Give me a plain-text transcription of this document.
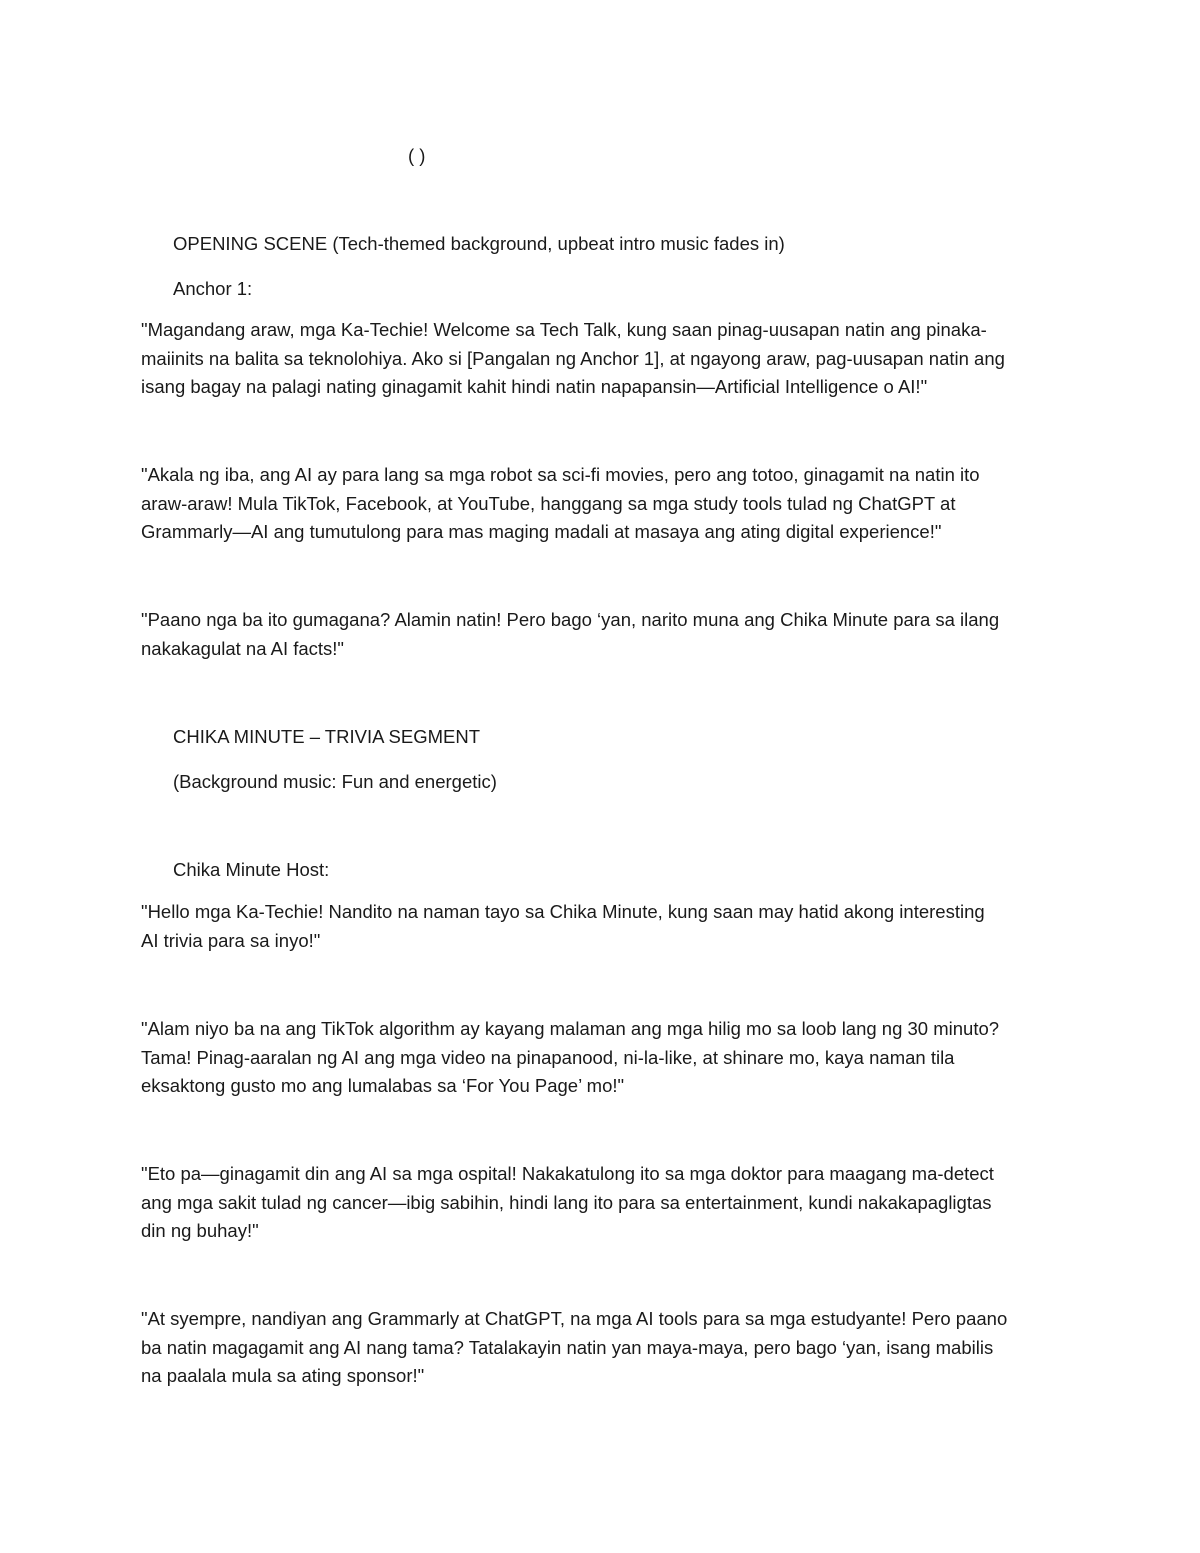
( )
OPENING SCENE (Tech-themed background, upbeat intro music fades in)
Anchor 1:
"Magandang araw, mga Ka-Techie! Welcome sa Tech Talk, kung saan pinag-uusapan natin ang pinaka-
maiinits na balita sa teknolohiya. Ako si [Pangalan ng Anchor 1], at ngayong araw, pag-uusapan natin ang
isang bagay na palagi nating ginagamit kahit hindi natin napapansin—Artificial Intelligence o AI!"
"Akala ng iba, ang AI ay para lang sa mga robot sa sci-fi movies, pero ang totoo, ginagamit na natin ito
araw-araw! Mula TikTok, Facebook, at YouTube, hanggang sa mga study tools tulad ng ChatGPT at
Grammarly—AI ang tumutulong para mas maging madali at masaya ang ating digital experience!"
"Paano nga ba ito gumagana? Alamin natin! Pero bago ‘yan, narito muna ang Chika Minute para sa ilang
nakakagulat na AI facts!"
CHIKA MINUTE – TRIVIA SEGMENT
(Background music: Fun and energetic)
Chika Minute Host:
"Hello mga Ka-Techie! Nandito na naman tayo sa Chika Minute, kung saan may hatid akong interesting
AI trivia para sa inyo!"
"Alam niyo ba na ang TikTok algorithm ay kayang malaman ang mga hilig mo sa loob lang ng 30 minuto?
Tama! Pinag-aaralan ng AI ang mga video na pinapanood, ni-la-like, at shinare mo, kaya naman tila
eksaktong gusto mo ang lumalabas sa ‘For You Page’ mo!"
"Eto pa—ginagamit din ang AI sa mga ospital! Nakakatulong ito sa mga doktor para maagang ma-detect
ang mga sakit tulad ng cancer—ibig sabihin, hindi lang ito para sa entertainment, kundi nakakapagligtas
din ng buhay!"
"At syempre, nandiyan ang Grammarly at ChatGPT, na mga AI tools para sa mga estudyante! Pero paano
ba natin magagamit ang AI nang tama? Tatalakayin natin yan maya-maya, pero bago ‘yan, isang mabilis
na paalala mula sa ating sponsor!"
